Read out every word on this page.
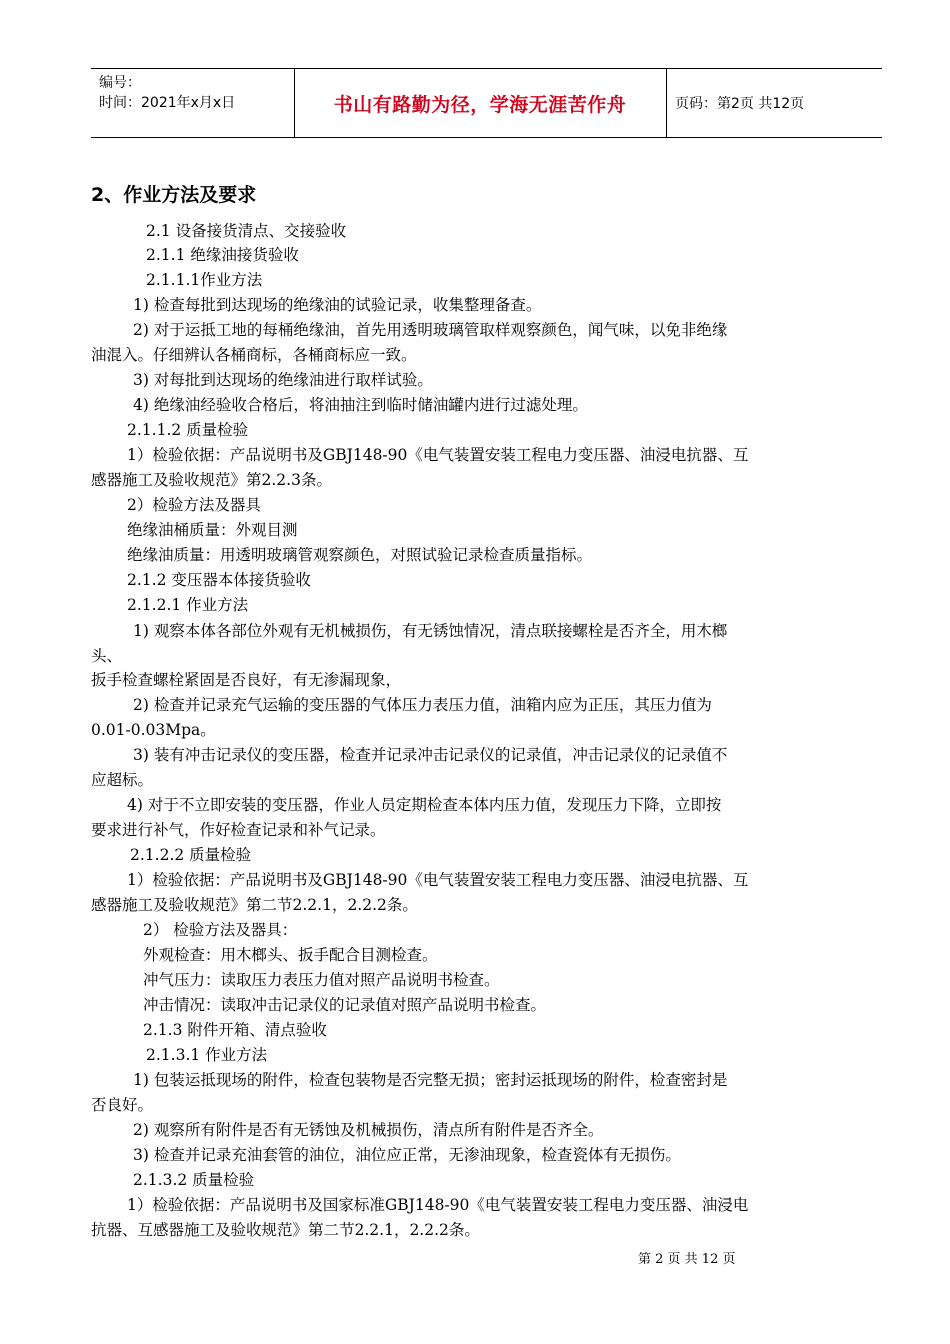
编号：
时间：2021年x月x日	书山有路勤为径，学海无涯苦作舟	页码：第2页 共12页
2、作业方法及要求
2.1 设备接货清点、交接验收
2.1.1 绝缘油接货验收
2.1.1.1作业方法
1) 检查每批到达现场的绝缘油的试验记录，收集整理备查。
2) 对于运抵工地的每桶绝缘油，首先用透明玻璃管取样观察颜色，闻气味，以免非绝缘
油混入。仔细辨认各桶商标，各桶商标应一致。
3) 对每批到达现场的绝缘油进行取样试验。
4) 绝缘油经验收合格后，将油抽注到临时储油罐内进行过滤处理。
2.1.1.2 质量检验
1）检验依据：产品说明书及GBJ148-90《电气装置安装工程电力变压器、油浸电抗器、互
感器施工及验收规范》第2.2.3条。
2）检验方法及器具
绝缘油桶质量：外观目测
绝缘油质量：用透明玻璃管观察颜色，对照试验记录检查质量指标。
2.1.2 变压器本体接货验收
2.1.2.1 作业方法
1) 观察本体各部位外观有无机械损伤，有无锈蚀情况，清点联接螺栓是否齐全，用木榔
头、
扳手检查螺栓紧固是否良好，有无渗漏现象，
2) 检查并记录充气运输的变压器的气体压力表压力值，油箱内应为正压，其压力值为
0.01-0.03Mpa。
3) 装有冲击记录仪的变压器，检查并记录冲击记录仪的记录值，冲击记录仪的记录值不
应超标。
4) 对于不立即安装的变压器，作业人员定期检查本体内压力值，发现压力下降，立即按
要求进行补气，作好检查记录和补气记录。
2.1.2.2 质量检验
1）检验依据：产品说明书及GBJ148-90《电气装置安装工程电力变压器、油浸电抗器、互
感器施工及验收规范》第二节2.2.1，2.2.2条。
2） 检验方法及器具：
外观检查：用木榔头、扳手配合目测检查。
冲气压力：读取压力表压力值对照产品说明书检查。
冲击情况：读取冲击记录仪的记录值对照产品说明书检查。
2.1.3 附件开箱、清点验收
2.1.3.1 作业方法
1) 包装运抵现场的附件，检查包装物是否完整无损；密封运抵现场的附件，检查密封是
否良好。
2) 观察所有附件是否有无锈蚀及机械损伤，清点所有附件是否齐全。
3) 检查并记录充油套管的油位，油位应正常，无渗油现象，检查瓷体有无损伤。
2.1.3.2 质量检验
1）检验依据：产品说明书及国家标准GBJ148-90《电气装置安装工程电力变压器、油浸电
抗器、互感器施工及验收规范》第二节2.2.1，2.2.2条。
第 2 页 共 12 页
